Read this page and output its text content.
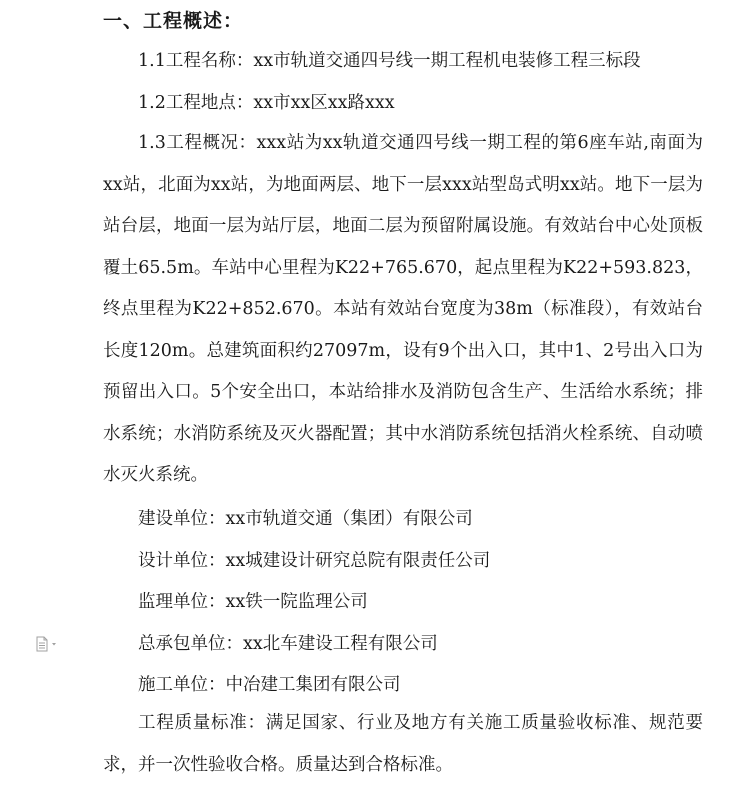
一、工程概述：
1.1工程名称：xx市轨道交通四号线一期工程机电装修工程三标段
1.2工程地点：xx市xx区xx路xxx

1.3工程概况：xxx站为xx轨道交通四号线一期工程的第6座车站,南面为xx站，北面为xx站，为地面两层、地下一层xxx站型岛式明xx站。地下一层为站台层，地面一层为站厅层，地面二层为预留附属设施。有效站台中心处顶板覆土65.5m。车站中心里程为K22+765.670，起点里程为K22+593.823，终点里程为K22+852.670。本站有效站台宽度为38m（标准段），有效站台长度120m。总建筑面积约27097m，设有9个出入口，其中1、2号出入口为预留出入口。5个安全出口，本站给排水及消防包含生产、生活给水系统；排水系统；水消防系统及灭火器配置；其中水消防系统包括消火栓系统、自动喷水灭火系统。

建设单位：xx市轨道交通（集团）有限公司
设计单位：xx城建设计研究总院有限责任公司
监理单位：xx铁一院监理公司
总承包单位：xx北车建设工程有限公司
施工单位：中冶建工集团有限公司

工程质量标准：满足国家、行业及地方有关施工质量验收标准、规范要求，并一次性验收合格。质量达到合格标准。
